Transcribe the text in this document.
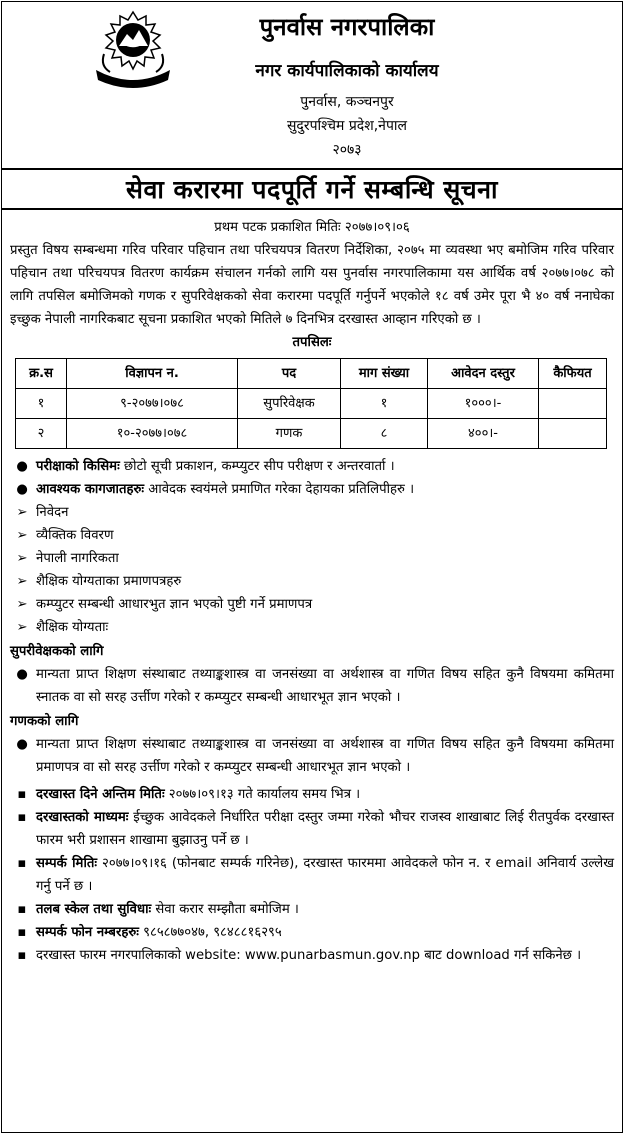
पुनर्वास नगरपालिका
नगर कार्यपालिकाको कार्यालय
पुनर्वास, कञ्चनपुर
सुदुरपश्चिम प्रदेश,नेपाल
२०७३
सेवा करारमा पदपूर्ति गर्ने सम्बन्धि सूचना
प्रथम पटक प्रकाशित मितिः २०७७।०९।०६
प्रस्तुत विषय सम्बन्धमा गरिव परिवार पहिचान तथा परिचयपत्र वितरण निर्देशिका, २०७५ मा व्यवस्था भए बमोजिम गरिव परिवार पहिचान तथा परिचयपत्र वितरण कार्यक्रम संचालन गर्नको लागि यस पुनर्वास नगरपालिकामा यस आर्थिक वर्ष २०७७।०७८ को लागि तपसिल बमोजिमको गणक र सुपरिवेक्षकको सेवा करारमा पदपूर्ति गर्नुपर्ने भएकोले १८ वर्ष उमेर पूरा भै ४० वर्ष ननाघेका इच्छुक नेपाली नागरिकबाट सूचना प्रकाशित भएको मितिले ७ दिनभित्र दरखास्त आव्हान गरिएको छ ।
तपसिलः
क्र.स	विज्ञापन न.	पद	माग संख्या	आवेदन दस्तुर	कैफियत
१	९-२०७७।०७८	सुपरिवेक्षक	१	१०००।-	
२	१०-२०७७।०७८	गणक	८	४००।-	
● परीक्षाको किसिमः छोटो सूची प्रकाशन, कम्प्युटर सीप परीक्षण र अन्तरवार्ता ।
● आवश्यक कागजातहरुः आवेदक स्वयंमले प्रमाणित गरेका देहायका प्रतिलिपीहरु ।
➢ निवेदन
➢ व्यैक्तिक विवरण
➢ नेपाली नागरिकता
➢ शैक्षिक योग्यताका प्रमाणपत्रहरु
➢ कम्प्युटर सम्बन्धी आधारभुत ज्ञान भएको पुष्टी गर्ने प्रमाणपत्र
➢ शैक्षिक योग्यताः
सुपरीवेक्षकको लागि
● मान्यता प्राप्त शिक्षण संस्थाबाट तथ्याङ्कशास्त्र वा जनसंख्या वा अर्थशास्त्र वा गणित विषय सहित कुनै विषयमा कमितमा स्नातक वा सो सरह उर्त्तीण गरेको र कम्प्युटर सम्बन्धी आधारभूत ज्ञान भएको ।
गणकको लागि
● मान्यता प्राप्त शिक्षण संस्थाबाट तथ्याङ्कशास्त्र वा जनसंख्या वा अर्थशास्त्र वा गणित विषय सहित कुनै विषयमा कमितमा प्रमाणपत्र वा सो सरह उर्त्तीण गरेको र कम्प्युटर सम्बन्धी आधारभूत ज्ञान भएको ।
▪ दरखास्त दिने अन्तिम मितिः २०७७।०९।१३ गते कार्यालय समय भित्र ।
▪ दरखास्तको माध्यमः ईच्छुक आवेदकले निर्धारित परीक्षा दस्तुर जम्मा गरेको भौचर राजस्व शाखाबाट लिई रीतपुर्वक दरखास्त फारम भरी प्रशासन शाखामा बुझाउनु पर्ने छ ।
▪ सम्पर्क मितिः २०७७।०९।१६ (फोनबाट सम्पर्क गरिनेछ), दरखास्त फारममा आवेदकले फोन न. र email अनिवार्य उल्लेख गर्नु पर्ने छ ।
▪ तलब स्केल तथा सुविधाः सेवा करार सम्झौता बमोजिम ।
▪ सम्पर्क फोन नम्बरहरुः ९८५८७७०४७, ९८४८८१६२९५
▪ दरखास्त फारम नगरपालिकाको website: www.punarbasmun.gov.np बाट download गर्न सकिनेछ ।
